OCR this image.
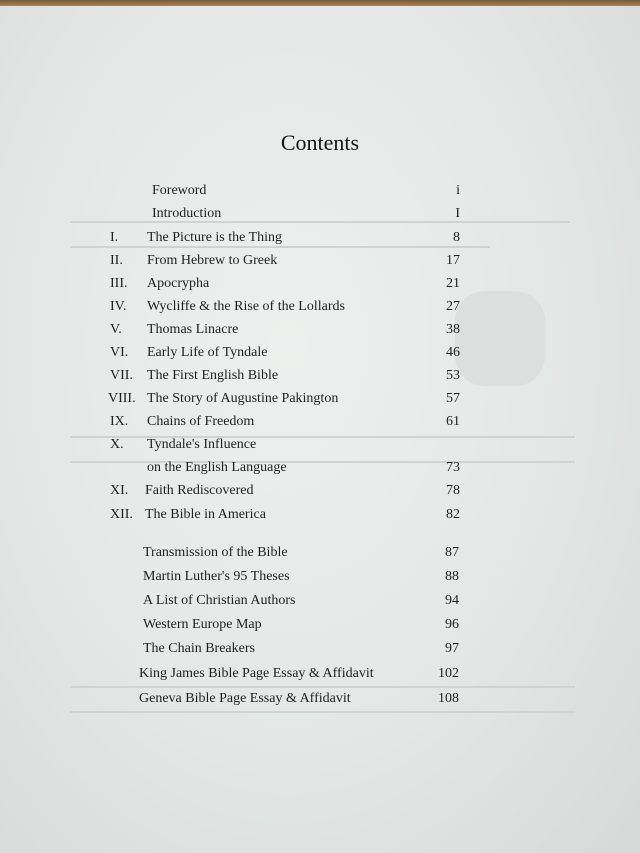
Contents
Foreword	i
Introduction	I
I. The Picture is the Thing	8
II. From Hebrew to Greek	17
III. Apocrypha	21
IV. Wycliffe & the Rise of the Lollards	27
V. Thomas Linacre	38
VI. Early Life of Tyndale	46
VII. The First English Bible	53
VIII. The Story of Augustine Pakington	57
IX. Chains of Freedom	61
X. Tyndale's Influence
on the English Language	73
XI. Faith Rediscovered	78
XII. The Bible in America	82
Transmission of the Bible	87
Martin Luther's 95 Theses	88
A List of Christian Authors	94
Western Europe Map	96
The Chain Breakers	97
King James Bible Page Essay & Affidavit	102
Geneva Bible Page Essay & Affidavit	108
